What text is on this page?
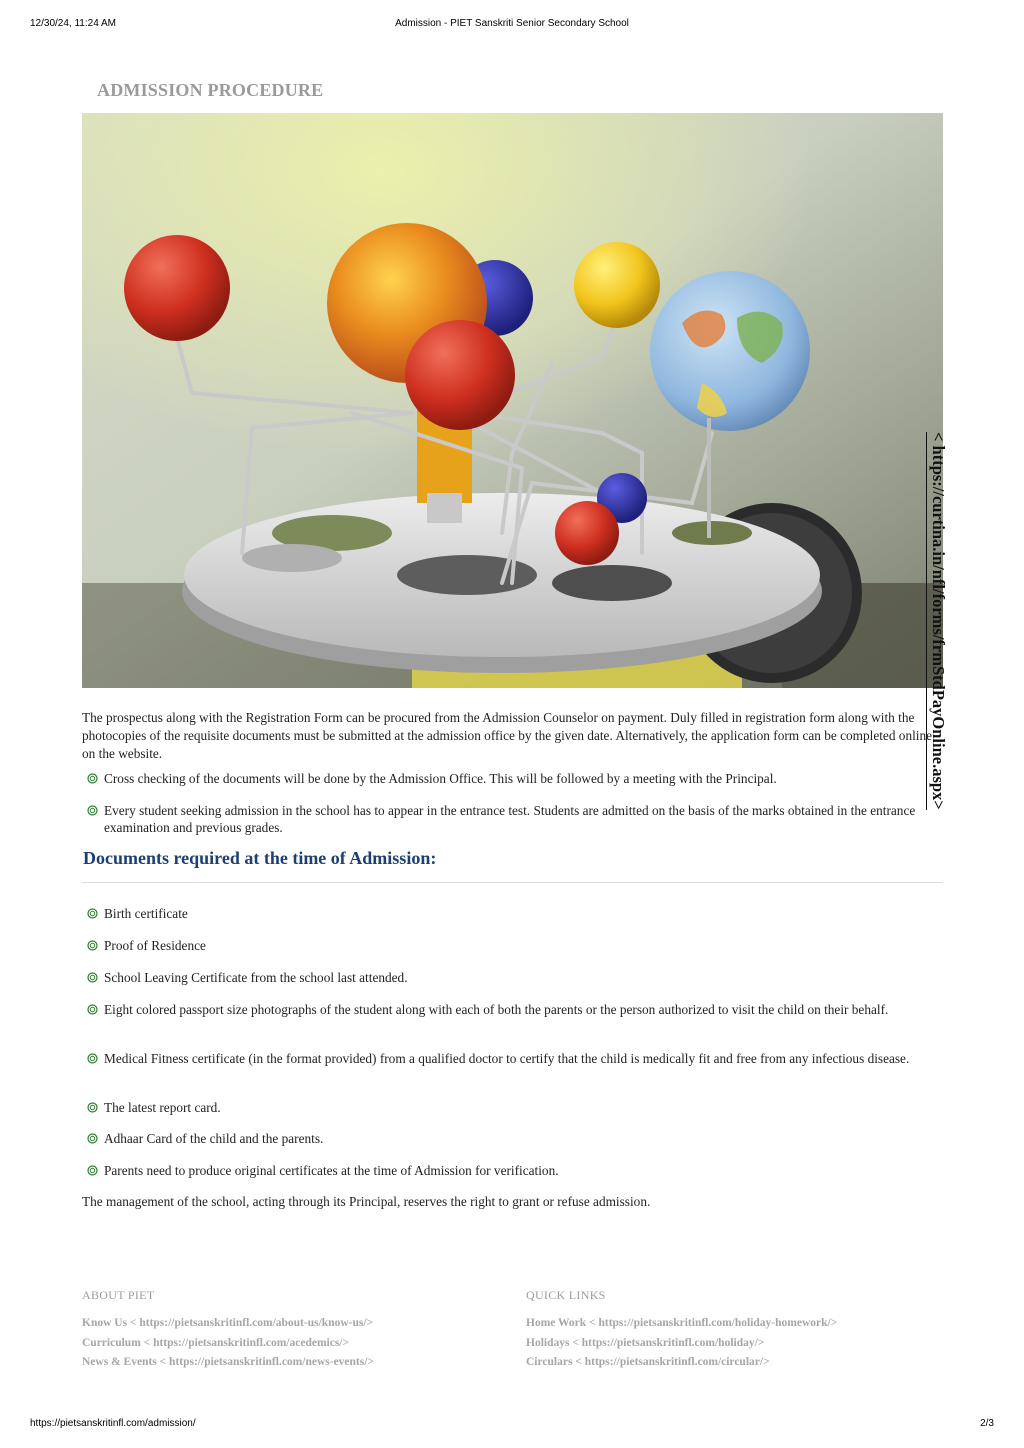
12/30/24, 11:24 AM	Admission - PIET Sanskriti Senior Secondary School
ADMISSION PROCEDURE
< https://curtina.in/nfl/forms/frmStdPayOnline.aspx>

The prospectus along with the Registration Form can be procured from the Admission Counselor on payment. Duly filled in registration form along with the photocopies of the requisite documents must be submitted at the admission office by the given date. Alternatively, the application form can be completed online on the website.

Cross checking of the documents will be done by the Admission Office. This will be followed by a meeting with the Principal.
Every student seeking admission in the school has to appear in the entrance test. Students are admitted on the basis of the marks obtained in the entrance examination and previous grades.
Documents required at the time of Admission:
Birth certificate
Proof of Residence
School Leaving Certificate from the school last attended.
Eight colored passport size photographs of the student along with each of both the parents or the person authorized to visit the child on their behalf.
Medical Fitness certificate (in the format provided) from a qualified doctor to certify that the child is medically fit and free from any infectious disease.
The latest report card.
Adhaar Card of the child and the parents.
Parents need to produce original certificates at the time of Admission for verification.

The management of the school, acting through its Principal, reserves the right to grant or refuse admission.

ABOUT PIET
Know Us < https://pietsanskritinfl.com/about-us/know-us/>
Curriculum < https://pietsanskritinfl.com/acedemics/>
News & Events < https://pietsanskritinfl.com/news-events/>
QUICK LINKS
Home Work < https://pietsanskritinfl.com/holiday-homework/>
Holidays < https://pietsanskritinfl.com/holiday/>
Circulars < https://pietsanskritinfl.com/circular/>
https://pietsanskritinfl.com/admission/	2/3
